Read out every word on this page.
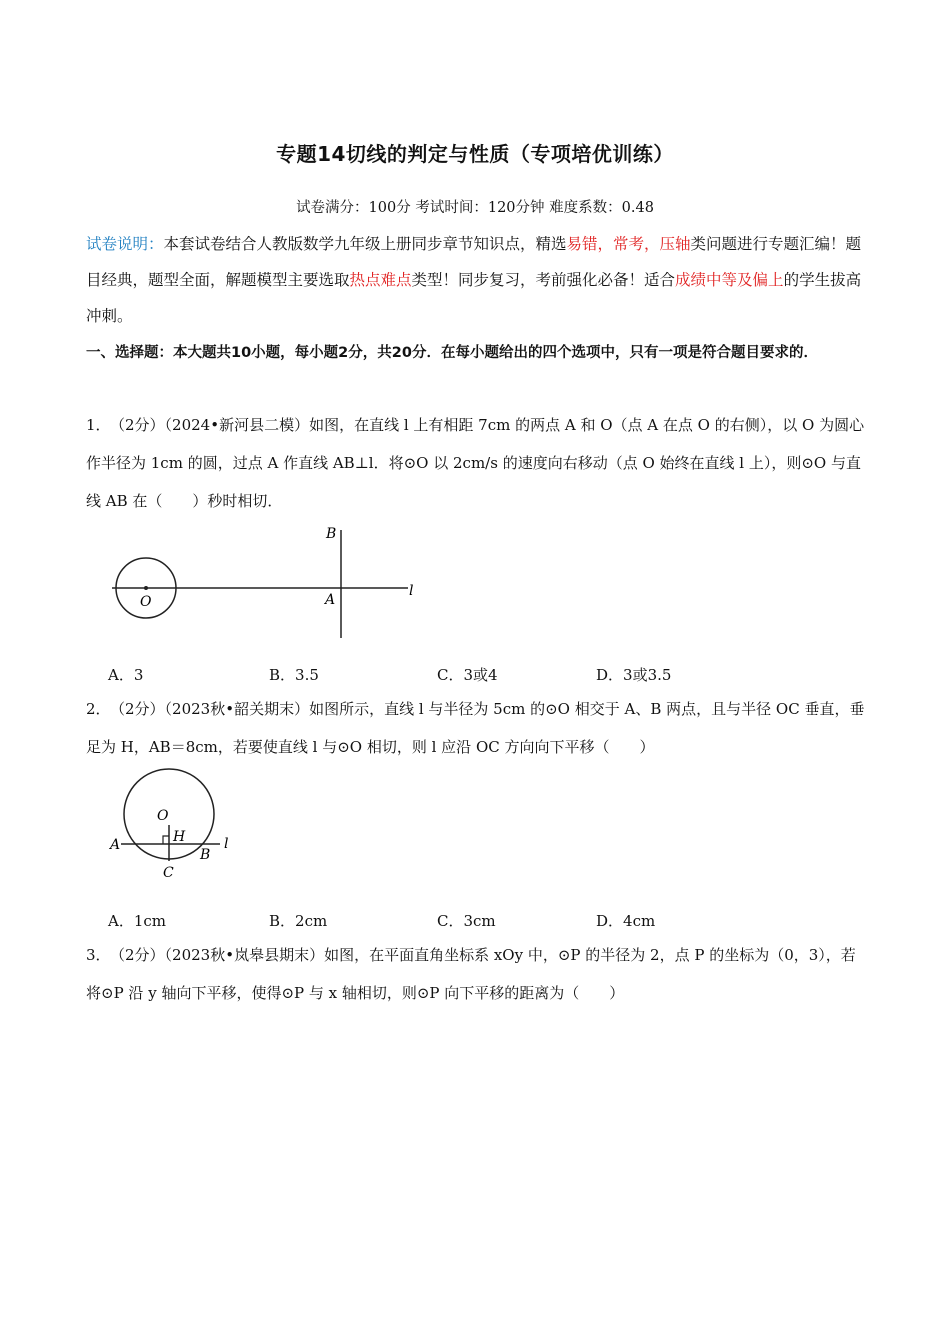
专题14切线的判定与性质（专项培优训练）
试卷满分：100分 考试时间：120分钟 难度系数：0.48
试卷说明：本套试卷结合人教版数学九年级上册同步章节知识点，精选易错，常考，压轴类问题进行专题汇编！题目经典，题型全面，解题模型主要选取热点难点类型！同步复习，考前强化必备！适合成绩中等及偏上的学生拔高冲刺。
一、选择题：本大题共10小题，每小题2分，共20分．在每小题给出的四个选项中，只有一项是符合题目要求的．
1．（2分）（2024•新河县二模）如图，在直线 l 上有相距 7cm 的两点 A 和 O（点 A 在点 O 的右侧），以 O 为圆心作半径为 1cm 的圆，过点 A 作直线 AB⊥l．将⊙O 以 2cm/s 的速度向右移动（点 O 始终在直线 l 上），则⊙O 与直线 AB 在（　　）秒时相切．
B
O	A
l
A．3	B．3.5	C．3或4	D．3或3.5
2．（2分）（2023秋•韶关期末）如图所示，直线 l 与半径为 5cm 的⊙O 相交于 A、B 两点，且与半径 OC 垂直，垂足为 H，AB＝8cm，若要使直线 l 与⊙O 相切，则 l 应沿 OC 方向向下平移（　　）
O
H
A
B
C
l
A．1cm	B．2cm	C．3cm	D．4cm
3．（2分）（2023秋•岚皋县期末）如图，在平面直角坐标系 xOy 中，⊙P 的半径为 2，点 P 的坐标为（0，3），若将⊙P 沿 y 轴向下平移，使得⊙P 与 x 轴相切，则⊙P 向下平移的距离为（　　）
